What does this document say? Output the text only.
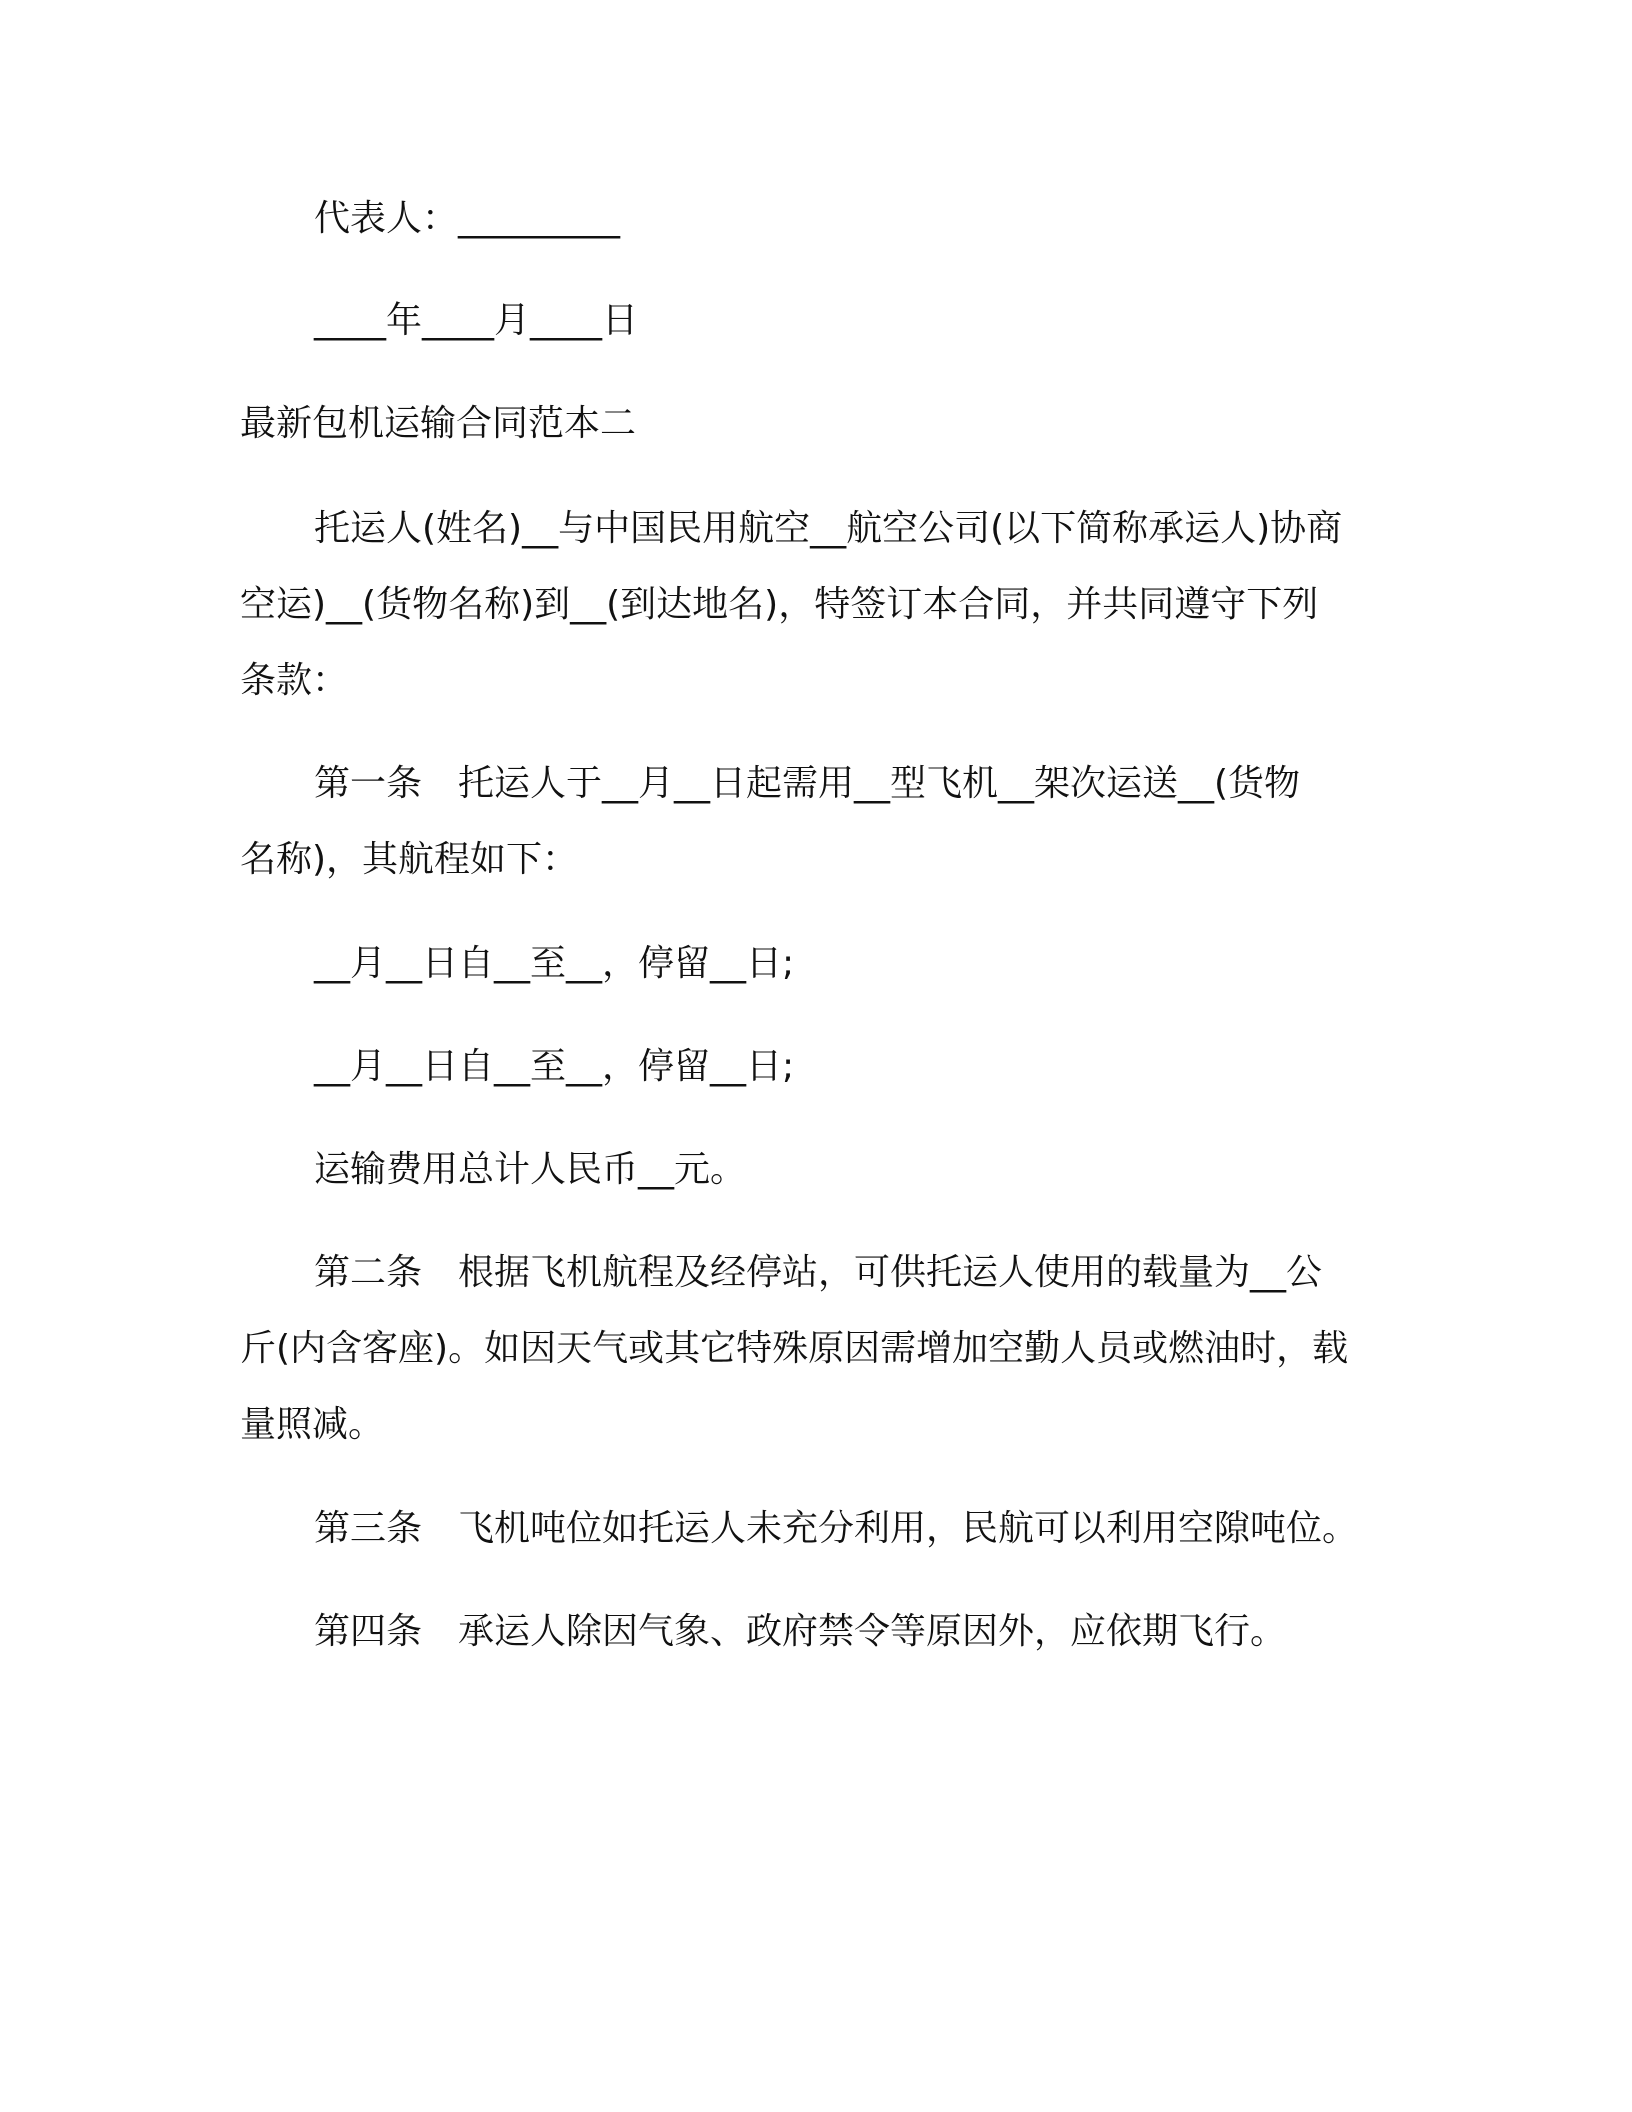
代表人：_________
____年____月____日
最新包机运输合同范本二
托运人(姓名)__与中国民用航空__航空公司(以下简称承运人)协商
空运)__(货物名称)到__(到达地名)，特签订本合同，并共同遵守下列
条款：
第一条　托运人于__月__日起需用__型飞机__架次运送__(货物
名称)，其航程如下：
__月__日自__至__，停留__日;
__月__日自__至__，停留__日;
运输费用总计人民币__元。
第二条　根据飞机航程及经停站，可供托运人使用的载量为__公
斤(内含客座)。如因天气或其它特殊原因需增加空勤人员或燃油时，载
量照减。
第三条　飞机吨位如托运人未充分利用，民航可以利用空隙吨位。
第四条　承运人除因气象、政府禁令等原因外，应依期飞行。
